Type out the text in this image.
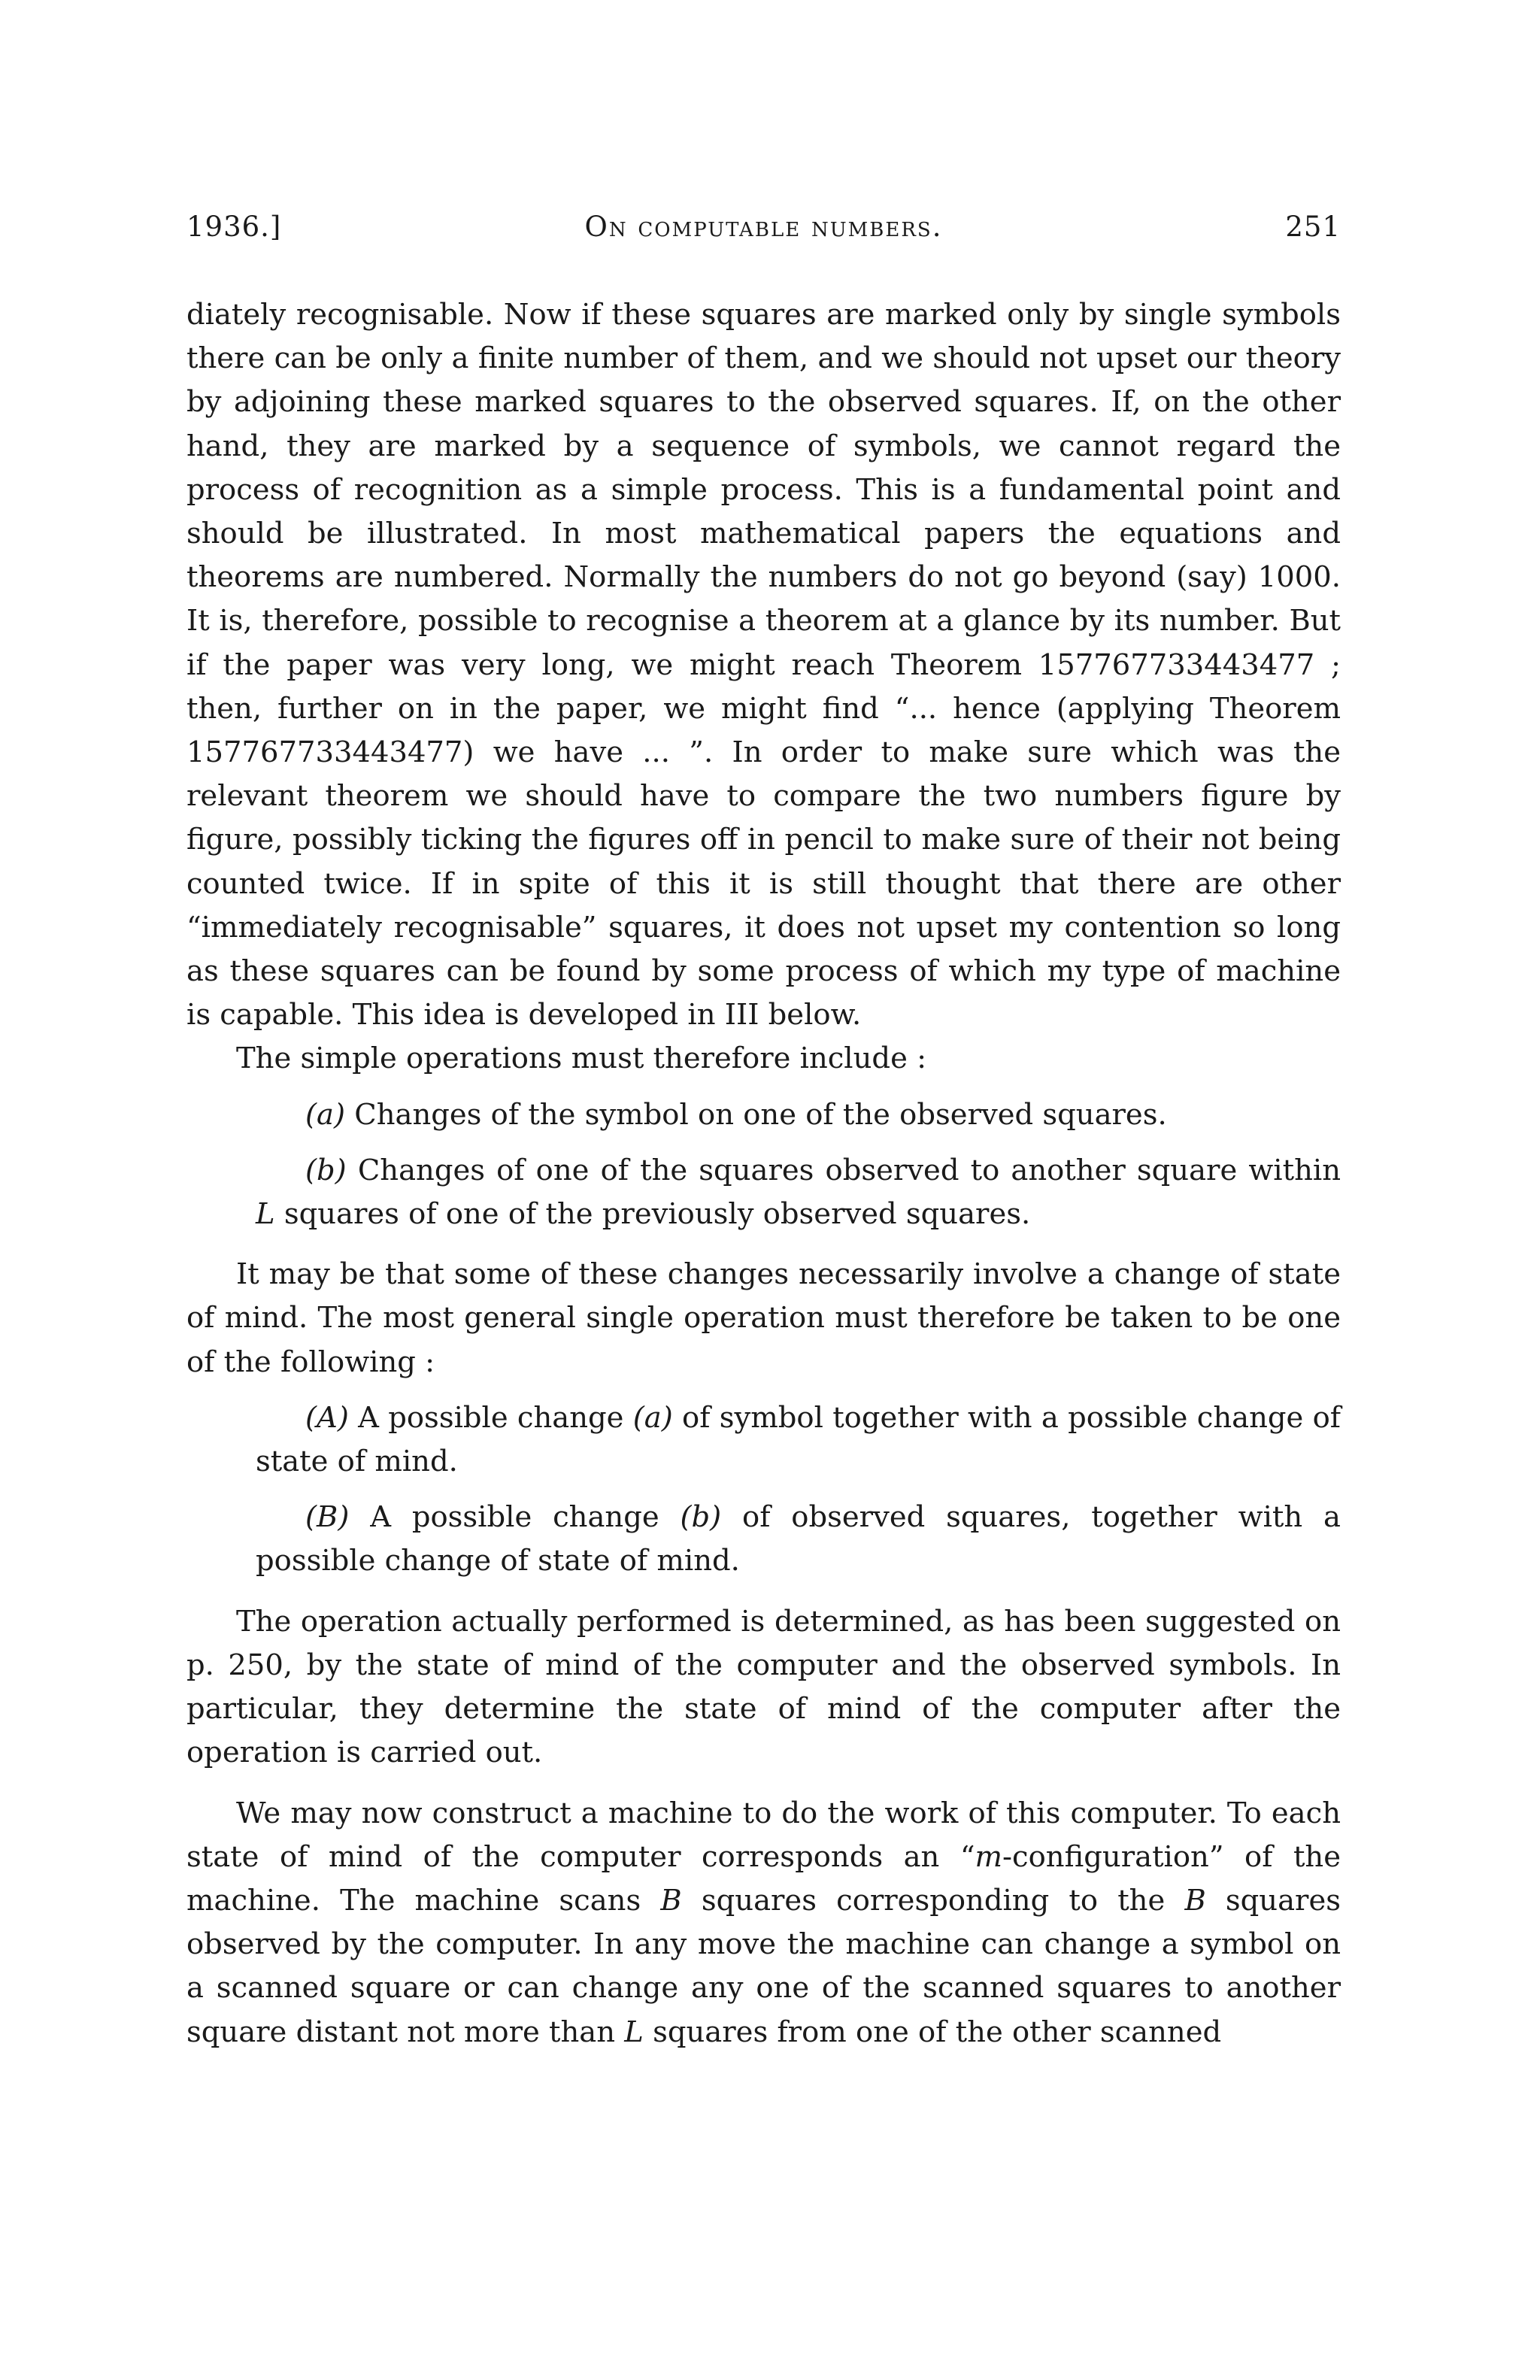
1936.]	On computable numbers.	251

diately recognisable. Now if these squares are marked only by single symbols there can be only a finite number of them, and we should not upset our theory by adjoining these marked squares to the observed squares. If, on the other hand, they are marked by a sequence of symbols, we cannot regard the process of recognition as a simple process. This is a fundamental point and should be illustrated. In most mathematical papers the equations and theorems are numbered. Normally the numbers do not go beyond (say) 1000. It is, therefore, possible to recognise a theorem at a glance by its number. But if the paper was very long, we might reach Theorem 157767733443477 ; then, further on in the paper, we might find “... hence (applying Theorem 157767733443477) we have ... ”. In order to make sure which was the relevant theorem we should have to compare the two numbers figure by figure, possibly ticking the figures off in pencil to make sure of their not being counted twice. If in spite of this it is still thought that there are other “immediately recognisable” squares, it does not upset my contention so long as these squares can be found by some process of which my type of machine is capable. This idea is developed in III below.

The simple operations must therefore include :

(a) Changes of the symbol on one of the observed squares.

(b) Changes of one of the squares observed to another square within L squares of one of the previously observed squares.

It may be that some of these changes necessarily involve a change of state of mind. The most general single operation must therefore be taken to be one of the following :

(A) A possible change (a) of symbol together with a possible change of state of mind.

(B) A possible change (b) of observed squares, together with a possible change of state of mind.

The operation actually performed is determined, as has been suggested on p. 250, by the state of mind of the computer and the observed symbols. In particular, they determine the state of mind of the computer after the operation is carried out.

We may now construct a machine to do the work of this computer. To each state of mind of the computer corresponds an “m-configuration” of the machine. The machine scans B squares corresponding to the B squares observed by the computer. In any move the machine can change a symbol on a scanned square or can change any one of the scanned squares to another square distant not more than L squares from one of the other scanned
